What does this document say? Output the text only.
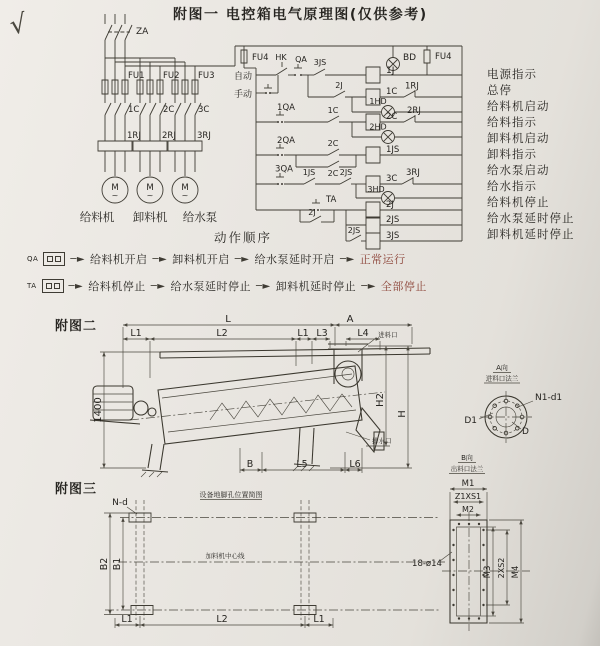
√	附图一 电控箱电气原理图(仅供参考)
附图二
附图三
动作顺序
电源指示
总停
给料机启动
给料指示
卸料机启动
卸料指示
给水泵启动
给水指示
给料机停止
给水泵延时停止
卸料机延时停止
QA	─► 给料机开启 ─► 卸料机开启 ─► 给水泵延时开启 ─► 正常运行
TA	─► 给料机停止 ─► 给水泵延时停止 ─► 卸料机延时停止 ─► 全部停止
ZA
FU1 FU2 FU3
1C	2C	3C
1RJ 2RJ 3RJ
M
~
M
~
M
~
给料机 卸料机 给水泵
FU4	BD FU4
自动
手动
HK QA 3JS
1J
2J
1C
1RJ
1HD
1QA	1C
2C
2RJ
2HD
2QA	2C
1JS
2C
3QA 1JS	2JS
3C
3RJ
3HD
TA	2J
2J
2JS
2JS
3JS
进料口
排水口
L	A
L1	L2	L1 L3	L4
1400	H2
H
B	L5	L6
A向
进料口法兰
N1-d1
D1
D
设备地脚孔位置简图
N-d
加料机中心线
B2 B1
L1	L2	L1
B向
出料口法兰
M1
Z1XS1
M2
18-ø14
M3 2XS2 M4
